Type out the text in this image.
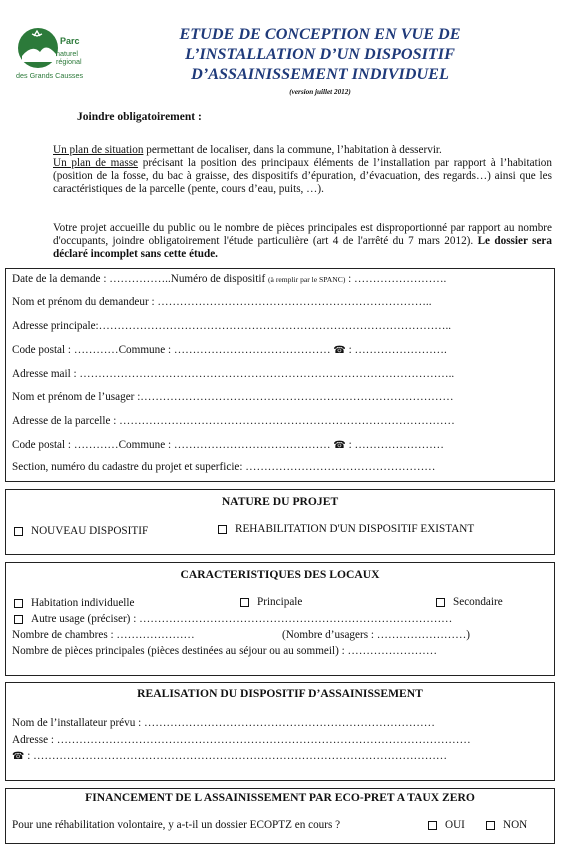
Parc
naturel
régional
des Grands Causses
ETUDE DE CONCEPTION EN VUE DE
L’INSTALLATION D’UN DISPOSITIF
D’ASSAINISSEMENT INDIVIDUEL
(version juillet 2012)
Joindre obligatoirement :
Un plan de situation permettant de localiser, dans la commune, l’habitation à desservir.
Un plan de masse précisant la position des principaux éléments de l’installation par rapport à l’habitation (position de la fosse, du bac à graisse, des dispositifs d’épuration, d’évacuation, des regards…) ainsi que les caractéristiques de la parcelle (pente, cours d’eau, puits, …).
Votre projet accueille du public ou le nombre de pièces principales est disproportionné par rapport au nombre d'occupants, joindre obligatoirement l'étude particulière (art 4 de l'arrêté du 7 mars 2012). Le dossier sera déclaré incomplet sans cette étude.
Date de la demande : ……………..Numéro de dispositif (à remplir par le SPANC) : …………………….
Nom et prénom du demandeur : ………………………………………………………………..
Adresse principale:…………………………………………………………………………………..
Code postal : …………Commune : …………………………………… ☎ : …………………….
Adresse mail : ………………………………………………………………………………………..
Nom et prénom de l’usager :…………………………………………………………………………
Adresse de la parcelle : ………………………………………………………………………………
Code postal : …………Commune : …………………………………… ☎ : ……………………
Section, numéro du cadastre du projet et superficie: ……………………………………………
NATURE DU PROJET
NOUVEAU DISPOSITIF	REHABILITATION D'UN DISPOSITIF EXISTANT
CARACTERISTIQUES DES LOCAUX
Habitation individuelle	Principale	Secondaire
Autre usage (préciser) : …………………………………………………………………………
Nombre de chambres : …………………	(Nombre d’usagers : ……………………)
Nombre de pièces principales (pièces destinées au séjour ou au sommeil) : ……………………
REALISATION DU DISPOSITIF D’ASSAINISSEMENT
Nom de l’installateur prévu : ……………………………………………………………………
Adresse : …………………………………………………………………………………………………
☎ : …………………………………………………………………………………………………
FINANCEMENT DE L ASSAINISSEMENT PAR ECO-PRET A TAUX ZERO
Pour une réhabilitation volontaire, y a-t-il un dossier ECOPTZ en cours ?	OUI	NON
